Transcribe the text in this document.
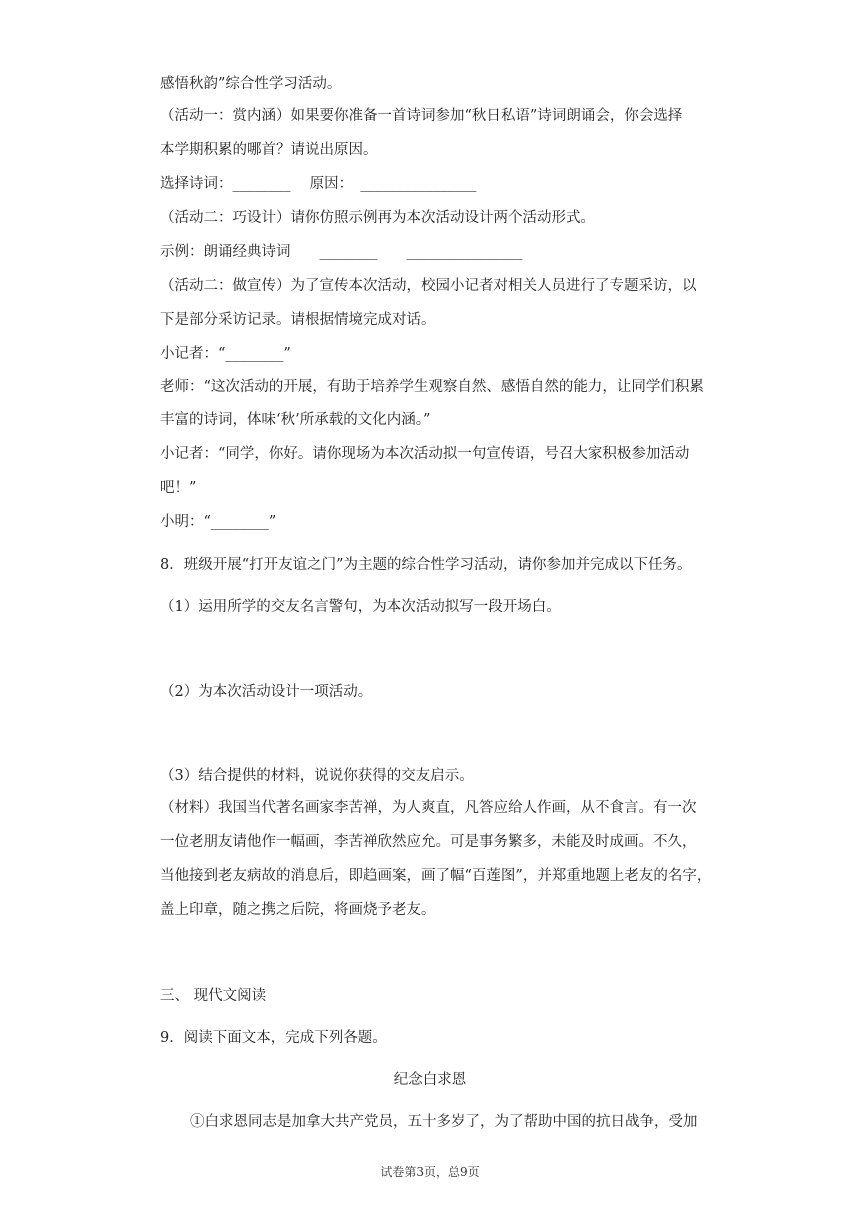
感悟秋韵”综合性学习活动。
（活动一：赏内涵）如果要你准备一首诗词参加“秋日私语”诗词朗诵会，你会选择
本学期积累的哪首？请说出原因。
选择诗词：________　 原因：　________________
（活动二：巧设计）请你仿照示例再为本次活动设计两个活动形式。
示例：朗诵经典诗词　　________　　________________
（活动二：做宣传）为了宣传本次活动，校园小记者对相关人员进行了专题采访，以
下是部分采访记录。请根据情境完成对话。
小记者：“________”
老师：“这次活动的开展，有助于培养学生观察自然、感悟自然的能力，让同学们积累
丰富的诗词，体味‘秋’所承载的文化内涵。”
小记者：“同学，你好。请你现场为本次活动拟一句宣传语，号召大家积极参加活动
吧！”
小明：“________”
8．班级开展“打开友谊之门”为主题的综合性学习活动，请你参加并完成以下任务。
（1）运用所学的交友名言警句，为本次活动拟写一段开场白。
（2）为本次活动设计一项活动。
（3）结合提供的材料，说说你获得的交友启示。
（材料）我国当代著名画家李苦禅，为人爽直，凡答应给人作画，从不食言。有一次
一位老朋友请他作一幅画，李苦禅欣然应允。可是事务繁多，未能及时成画。不久，
当他接到老友病故的消息后，即趋画案，画了幅“百莲图”，并郑重地题上老友的名字，
盖上印章，随之携之后院，将画烧予老友。
三、 现代文阅读
9．阅读下面文本，完成下列各题。
纪念白求恩
①白求恩同志是加拿大共产党员，五十多岁了，为了帮助中国的抗日战争，受加
试卷第3页，总9页
